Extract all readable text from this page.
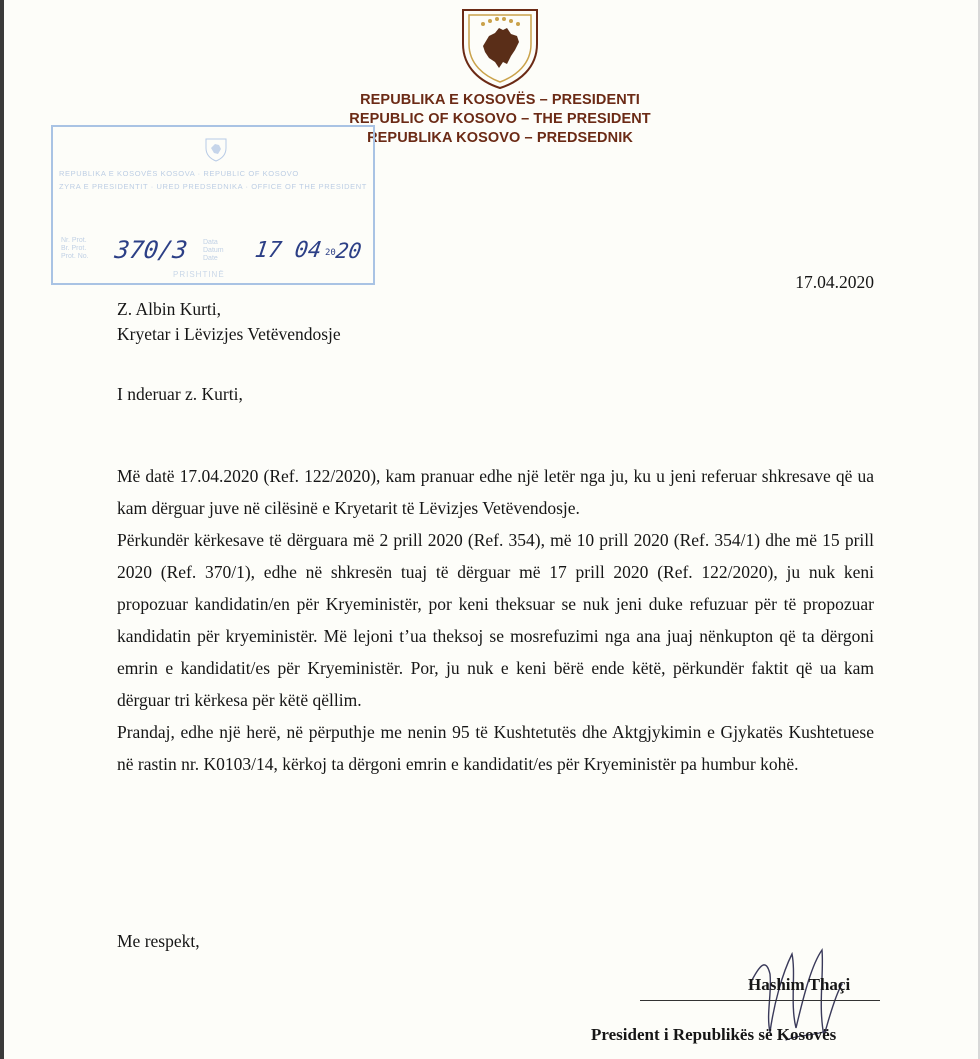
REPUBLIKA E KOSOVËS – PRESIDENTI
REPUBLIC OF KOSOVO – THE PRESIDENT
REPUBLIKA KOSOVO – PREDSEDNIK
REPUBLIKA E KOSOVËS KOSOVA · REPUBLIC OF KOSOVO
ZYRA E PRESIDENTIT · URED PREDSEDNIKA · OFFICE OF THE PRESIDENT
Nr. Prot.
Br. Prot.
Prot. No.
Data
Datum
Date
PRISHTINË
370/3	17 04 20
20
17.04.2020
Z. Albin Kurti,
Kryetar i Lëvizjes Vetëvendosje
I nderuar z. Kurti,

Më datë 17.04.2020 (Ref. 122/2020), kam pranuar edhe një letër nga ju, ku u jeni referuar shkresave që ua kam dërguar juve në cilësinë e Kryetarit të Lëvizjes Vetëvendosje.

Përkundër kërkesave të dërguara më 2 prill 2020 (Ref. 354), më 10 prill 2020 (Ref. 354/1) dhe më 15 prill 2020 (Ref. 370/1), edhe në shkresën tuaj të dërguar më 17 prill 2020 (Ref. 122/2020), ju nuk keni propozuar kandidatin/en për Kryeministër, por keni theksuar se nuk jeni duke refuzuar për të propozuar kandidatin për kryeministër. Më lejoni t’ua theksoj se mosrefuzimi nga ana juaj nënkupton që ta dërgoni emrin e kandidatit/es për Kryeministër. Por, ju nuk e keni bërë ende këtë, përkundër faktit që ua kam dërguar tri kërkesa për këtë qëllim.

Prandaj, edhe një herë, në përputhje me nenin 95 të Kushtetutës dhe Aktgjykimin e Gjykatës Kushtetuese në rastin nr. K0103/14, kërkoj ta dërgoni emrin e kandidatit/es për Kryeministër pa humbur kohë.

Me respekt,
Hashim Thaçi
President i Republikës së Kosovës
